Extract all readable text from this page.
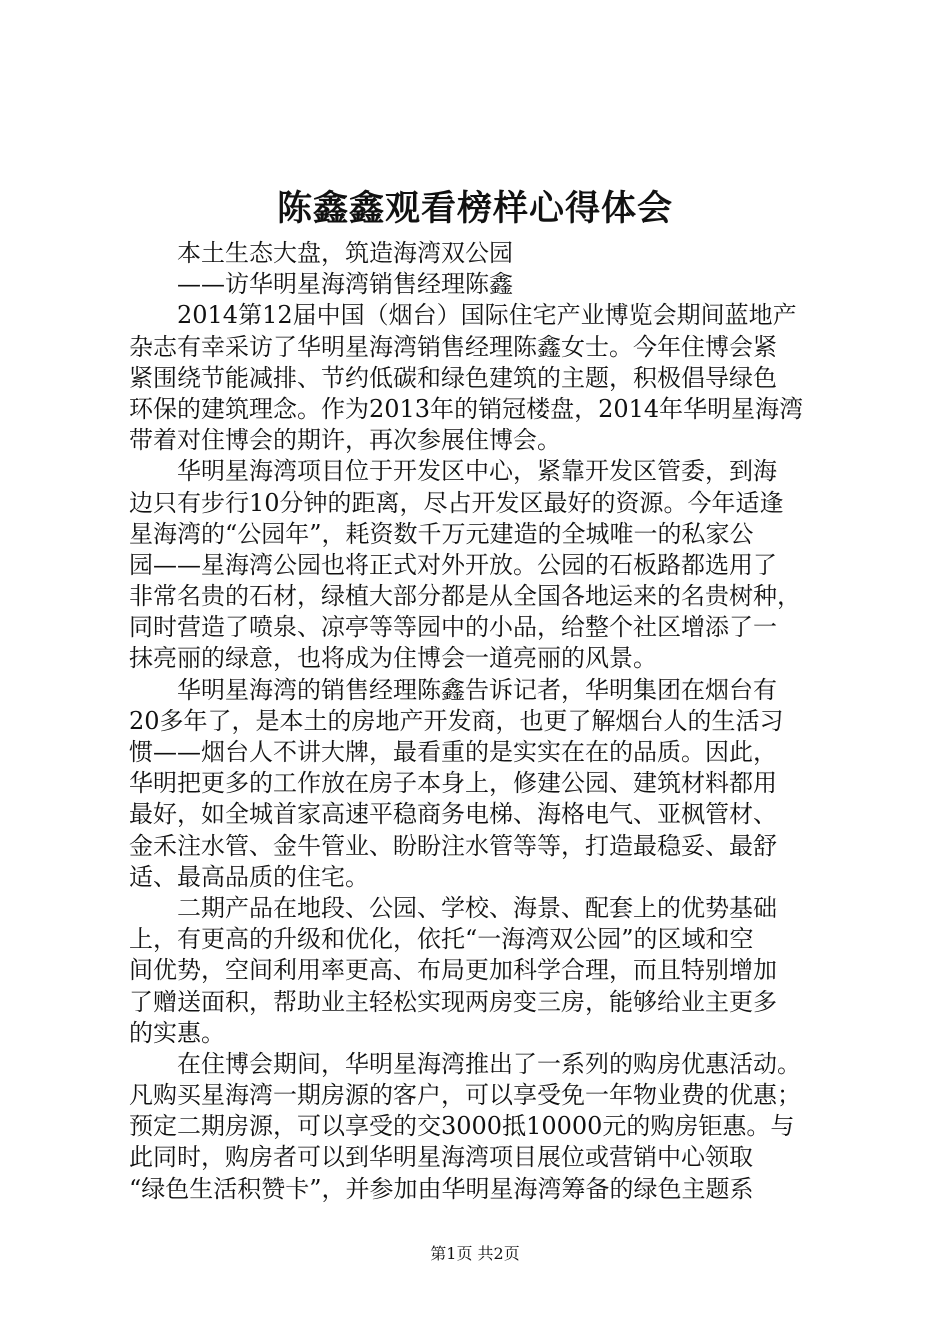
陈鑫鑫观看榜样心得体会

　　本土生态大盘，筑造海湾双公园

　　——访华明星海湾销售经理陈鑫

　　2014第12届中国（烟台）国际住宅产业博览会期间蓝地产

杂志有幸采访了华明星海湾销售经理陈鑫女士。今年住博会紧

紧围绕节能减排、节约低碳和绿色建筑的主题，积极倡导绿色

环保的建筑理念。作为2013年的销冠楼盘，2014年华明星海湾

带着对住博会的期许，再次参展住博会。

　　华明星海湾项目位于开发区中心，紧靠开发区管委，到海

边只有步行10分钟的距离，尽占开发区最好的资源。今年适逢

星海湾的“公园年”，耗资数千万元建造的全城唯一的私家公

园——星海湾公园也将正式对外开放。公园的石板路都选用了

非常名贵的石材，绿植大部分都是从全国各地运来的名贵树种，

同时营造了喷泉、凉亭等等园中的小品，给整个社区增添了一

抹亮丽的绿意，也将成为住博会一道亮丽的风景。

　　华明星海湾的销售经理陈鑫告诉记者，华明集团在烟台有

20多年了，是本土的房地产开发商，也更了解烟台人的生活习

惯——烟台人不讲大牌，最看重的是实实在在的品质。因此，

华明把更多的工作放在房子本身上，修建公园、建筑材料都用

最好，如全城首家高速平稳商务电梯、海格电气、亚枫管材、

金禾注水管、金牛管业、盼盼注水管等等，打造最稳妥、最舒

适、最高品质的住宅。

　　二期产品在地段、公园、学校、海景、配套上的优势基础

上，有更高的升级和优化，依托“一海湾双公园”的区域和空

间优势，空间利用率更高、布局更加科学合理，而且特别增加

了赠送面积，帮助业主轻松实现两房变三房，能够给业主更多

的实惠。

　　在住博会期间，华明星海湾推出了一系列的购房优惠活动。

凡购买星海湾一期房源的客户，可以享受免一年物业费的优惠；

预定二期房源，可以享受的交3000抵10000元的购房钜惠。与

此同时，购房者可以到华明星海湾项目展位或营销中心领取

“绿色生活积赞卡”，并参加由华明星海湾筹备的绿色主题系

第1页 共2页
